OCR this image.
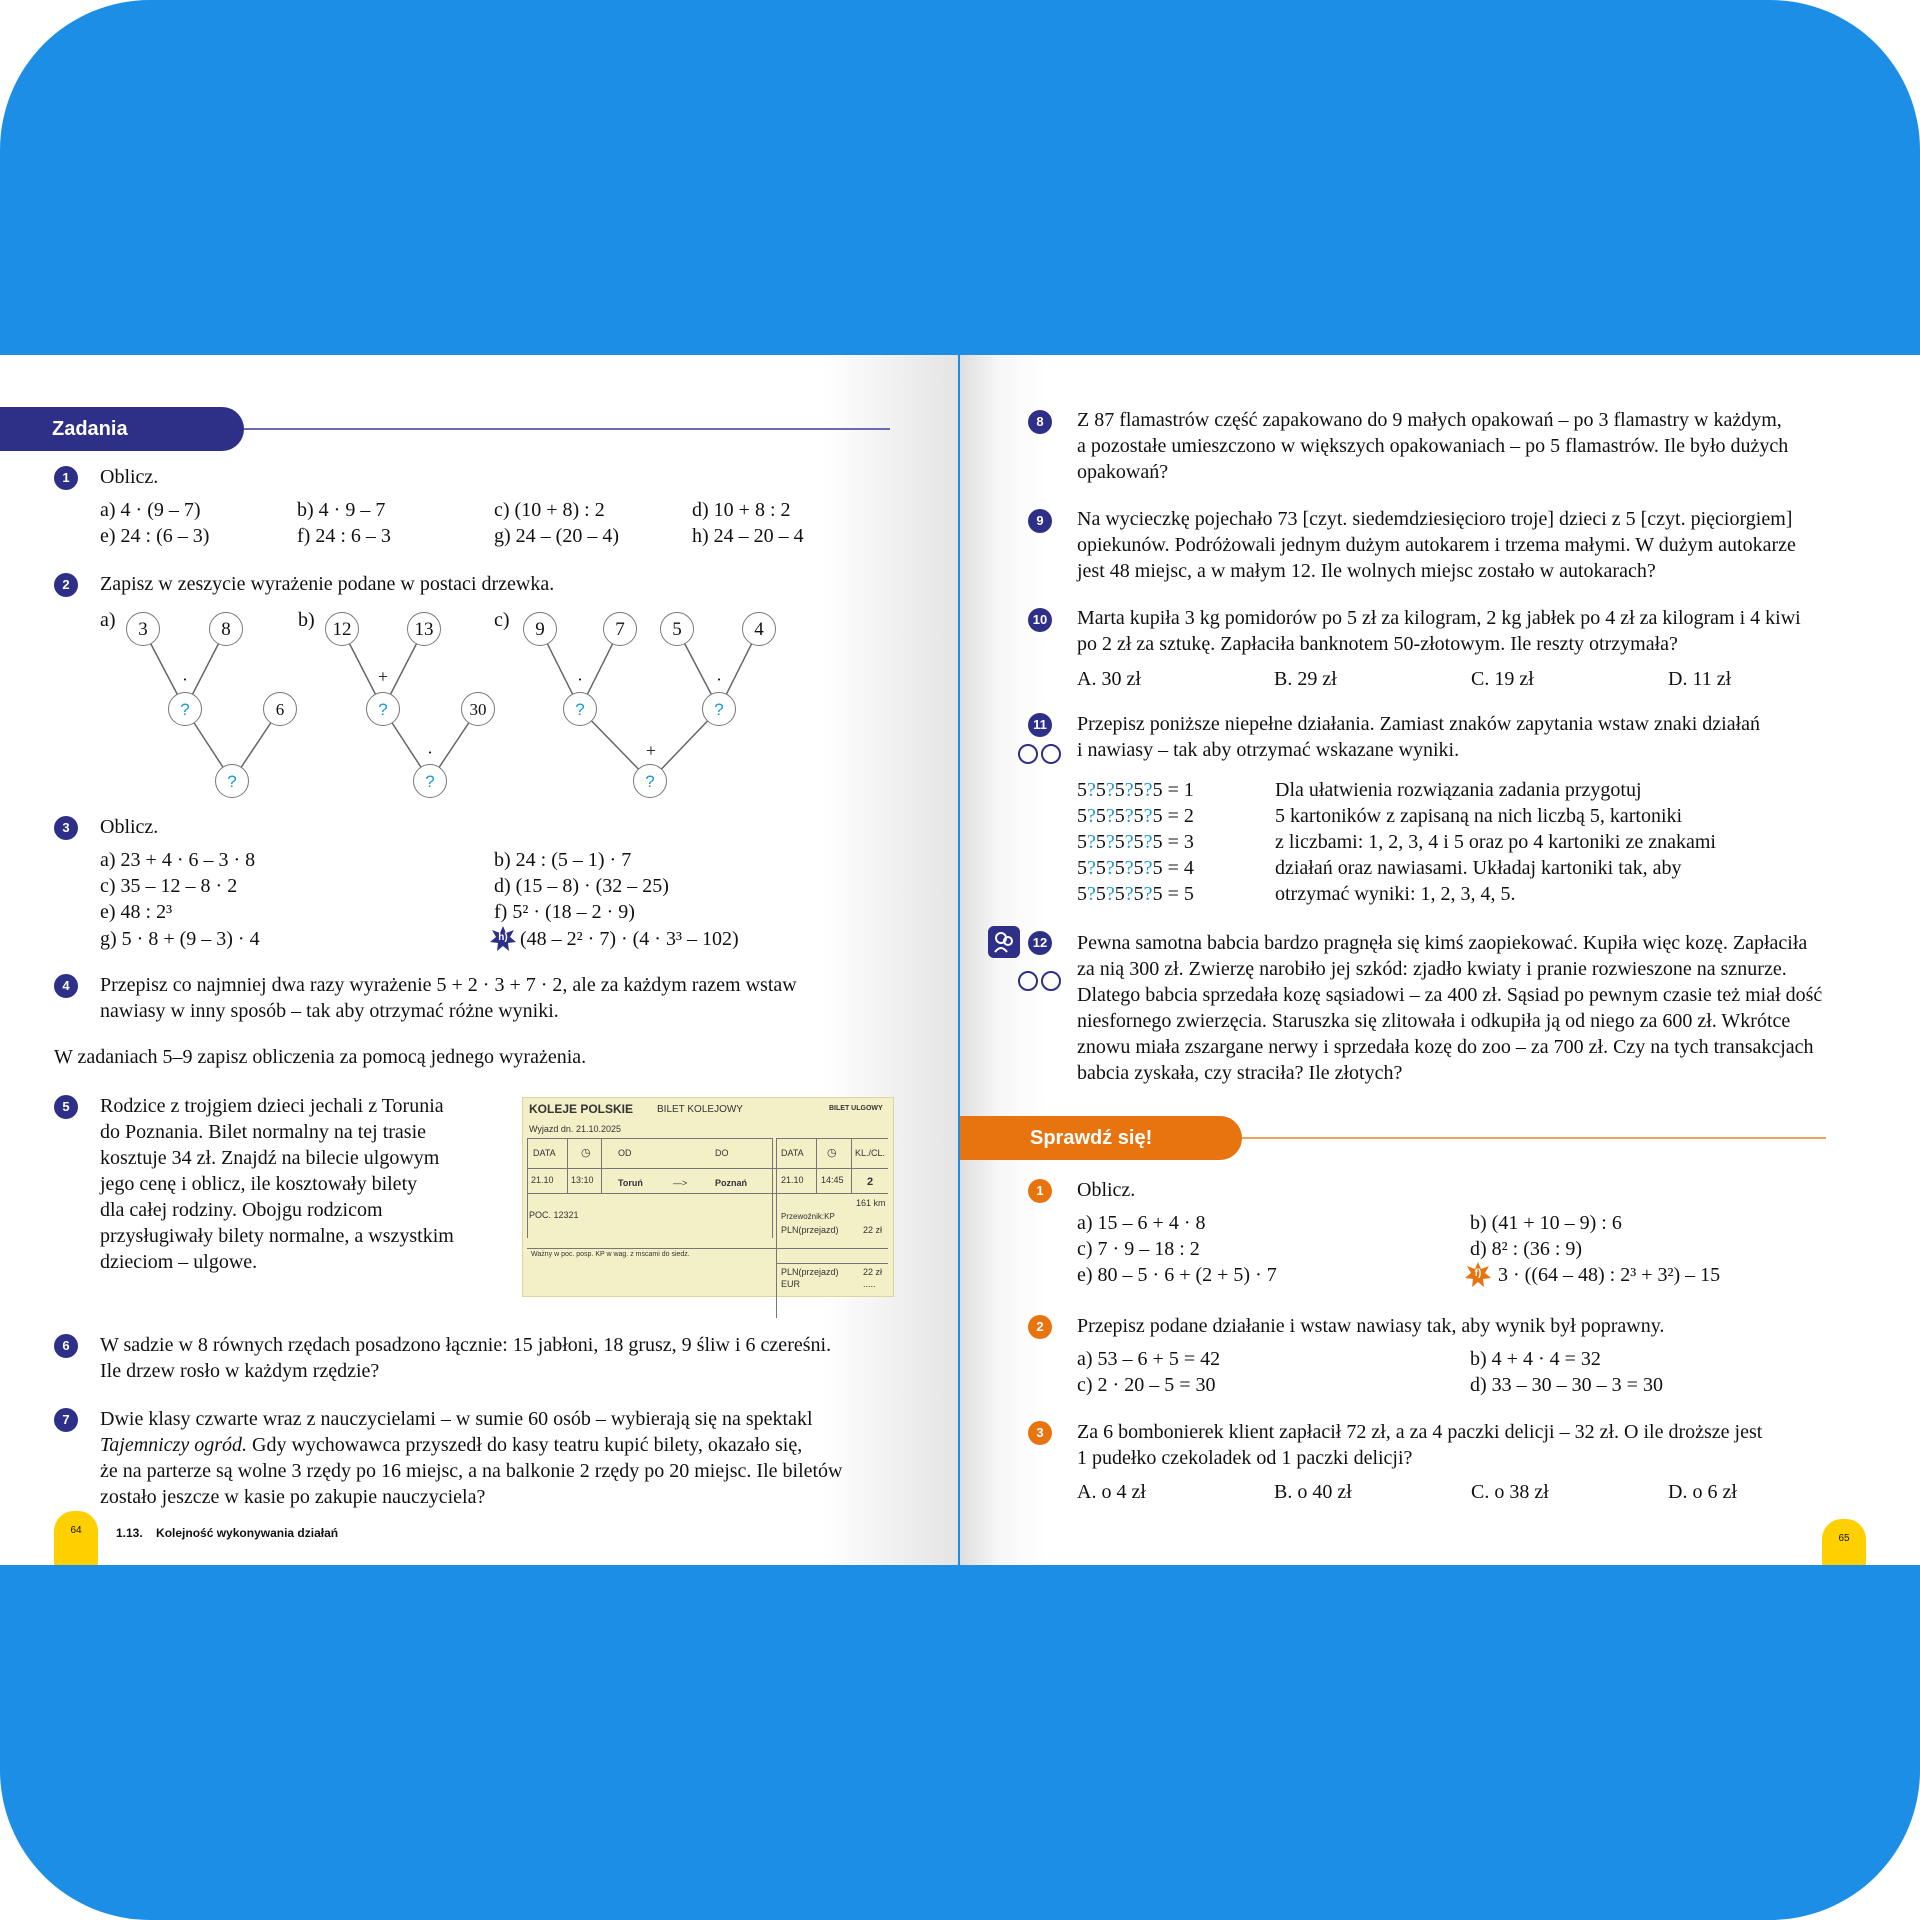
Zadania
1	Oblicz.
a) 4 · (9 – 7)	b) 4 · 9 – 7	c) (10 + 8) : 2	d) 10 + 8 : 2
e) 24 : (6 – 3)	f) 24 : 6 – 3	g) 24 – (20 – 4)	h) 24 – 20 – 4
2	Zapisz w zeszycie wyrażenie podane w postaci drzewka.
a)	b)	c)
3	8
·
?	6
?
12	13
+
?	30
·
?
9	7	5	4
·	·
?	?
+
?
3	Oblicz.
a) 23 + 4 · 6 – 3 · 8	b) 24 : (5 – 1) · 7
c) 35 – 12 – 8 · 2	d) (15 – 8) · (32 – 25)
e) 48 : 2³	f) 5² · (18 – 2 · 9)
g) 5 · 8 + (9 – 3) · 4	h) (48 – 2² · 7) · (4 · 3³ – 102)
4	Przepisz co najmniej dwa razy wyrażenie 5 + 2 · 3 + 7 · 2, ale za każdym razem wstaw
nawiasy w inny sposób – tak aby otrzymać różne wyniki.
W zadaniach 5–9 zapisz obliczenia za pomocą jednego wyrażenia.
5	Rodzice z trojgiem dzieci jechali z Torunia
do Poznania. Bilet normalny na tej trasie
kosztuje 34 zł. Znajdź na bilecie ulgowym
jego cenę i oblicz, ile kosztowały bilety
dla całej rodziny. Obojgu rodzicom
przysługiwały bilety normalne, a wszystkim
dzieciom – ulgowe.
KOLEJE POLSKIE BILET KOLEJOWY	BILET ULGOWY
Wyjazd dn. 21.10.2025
DATA ◷	OD	DO	DATA ◷ KL./CL.
21.10 13:10	Toruń	—>	Poznań	21.10 14:45 2
161 km
POC. 12321	Przewoźnik:KP
PLN(przejazd)	22 zł
Ważny w poc. posp. KP w wag. z mscami do siedz.
PLN(przejazd)	22 zł
EUR	.....
6	W sadzie w 8 równych rzędach posadzono łącznie: 15 jabłoni, 18 grusz, 9 śliw i 6 czereśni.
Ile drzew rosło w każdym rzędzie?
7	Dwie klasy czwarte wraz z nauczycielami – w sumie 60 osób – wybierają się na spektakl
Tajemniczy ogród. Gdy wychowawca przyszedł do kasy teatru kupić bilety, okazało się,
że na parterze są wolne 3 rzędy po 16 miejsc, a na balkonie 2 rzędy po 20 miejsc. Ile biletów
zostało jeszcze w kasie po zakupie nauczyciela?
64	1.13. Kolejność wykonywania działań
8	Z 87 flamastrów część zapakowano do 9 małych opakowań – po 3 flamastry w każdym,
a pozostałe umieszczono w większych opakowaniach – po 5 flamastrów. Ile było dużych
opakowań?
9	Na wycieczkę pojechało 73 [czyt. siedemdziesięcioro troje] dzieci z 5 [czyt. pięciorgiem]
opiekunów. Podróżowali jednym dużym autokarem i trzema małymi. W dużym autokarze
jest 48 miejsc, a w małym 12. Ile wolnych miejsc zostało w autokarach?
10 Marta kupiła 3 kg pomidorów po 5 zł za kilogram, 2 kg jabłek po 4 zł za kilogram i 4 kiwi
po 2 zł za sztukę. Zapłaciła banknotem 50-złotowym. Ile reszty otrzymała?
A. 30 zł	B. 29 zł	C. 19 zł	D. 11 zł
11 Przepisz poniższe niepełne działania. Zamiast znaków zapytania wstaw znaki działań
i nawiasy – tak aby otrzymać wskazane wyniki.
5?5?5?5?5 = 1
5?5?5?5?5 = 2
5?5?5?5?5 = 3
5?5?5?5?5 = 4
5?5?5?5?5 = 5
Dla ułatwienia rozwiązania zadania przygotuj
5 kartoników z zapisaną na nich liczbą 5, kartoniki
z liczbami: 1, 2, 3, 4 i 5 oraz po 4 kartoniki ze znakami
działań oraz nawiasami. Układaj kartoniki tak, aby
otrzymać wyniki: 1, 2, 3, 4, 5.
12 Pewna samotna babcia bardzo pragnęła się kimś zaopiekować. Kupiła więc kozę. Zapłaciła
za nią 300 zł. Zwierzę narobiło jej szkód: zjadło kwiaty i pranie rozwieszone na sznurze.
Dlatego babcia sprzedała kozę sąsiadowi – za 400 zł. Sąsiad po pewnym czasie też miał dość
niesfornego zwierzęcia. Staruszka się zlitowała i odkupiła ją od niego za 600 zł. Wkrótce
znowu miała zszargane nerwy i sprzedała kozę do zoo – za 700 zł. Czy na tych transakcjach
babcia zyskała, czy straciła? Ile złotych?
Sprawdź się!
1	Oblicz.
a) 15 – 6 + 4 · 8	b) (41 + 10 – 9) : 6
c) 7 · 9 – 18 : 2	d) 8² : (36 : 9)
e) 80 – 5 · 6 + (2 + 5) · 7	f) 3 · ((64 – 48) : 2³ + 3²) – 15
2	Przepisz podane działanie i wstaw nawiasy tak, aby wynik był poprawny.
a) 53 – 6 + 5 = 42	b) 4 + 4 · 4 = 32
c) 2 · 20 – 5 = 30	d) 33 – 30 – 30 – 3 = 30
3	Za 6 bombonierek klient zapłacił 72 zł, a za 4 paczki delicji – 32 zł. O ile droższe jest
1 pudełko czekoladek od 1 paczki delicji?
A. o 4 zł	B. o 40 zł	C. o 38 zł	D. o 6 zł
65
